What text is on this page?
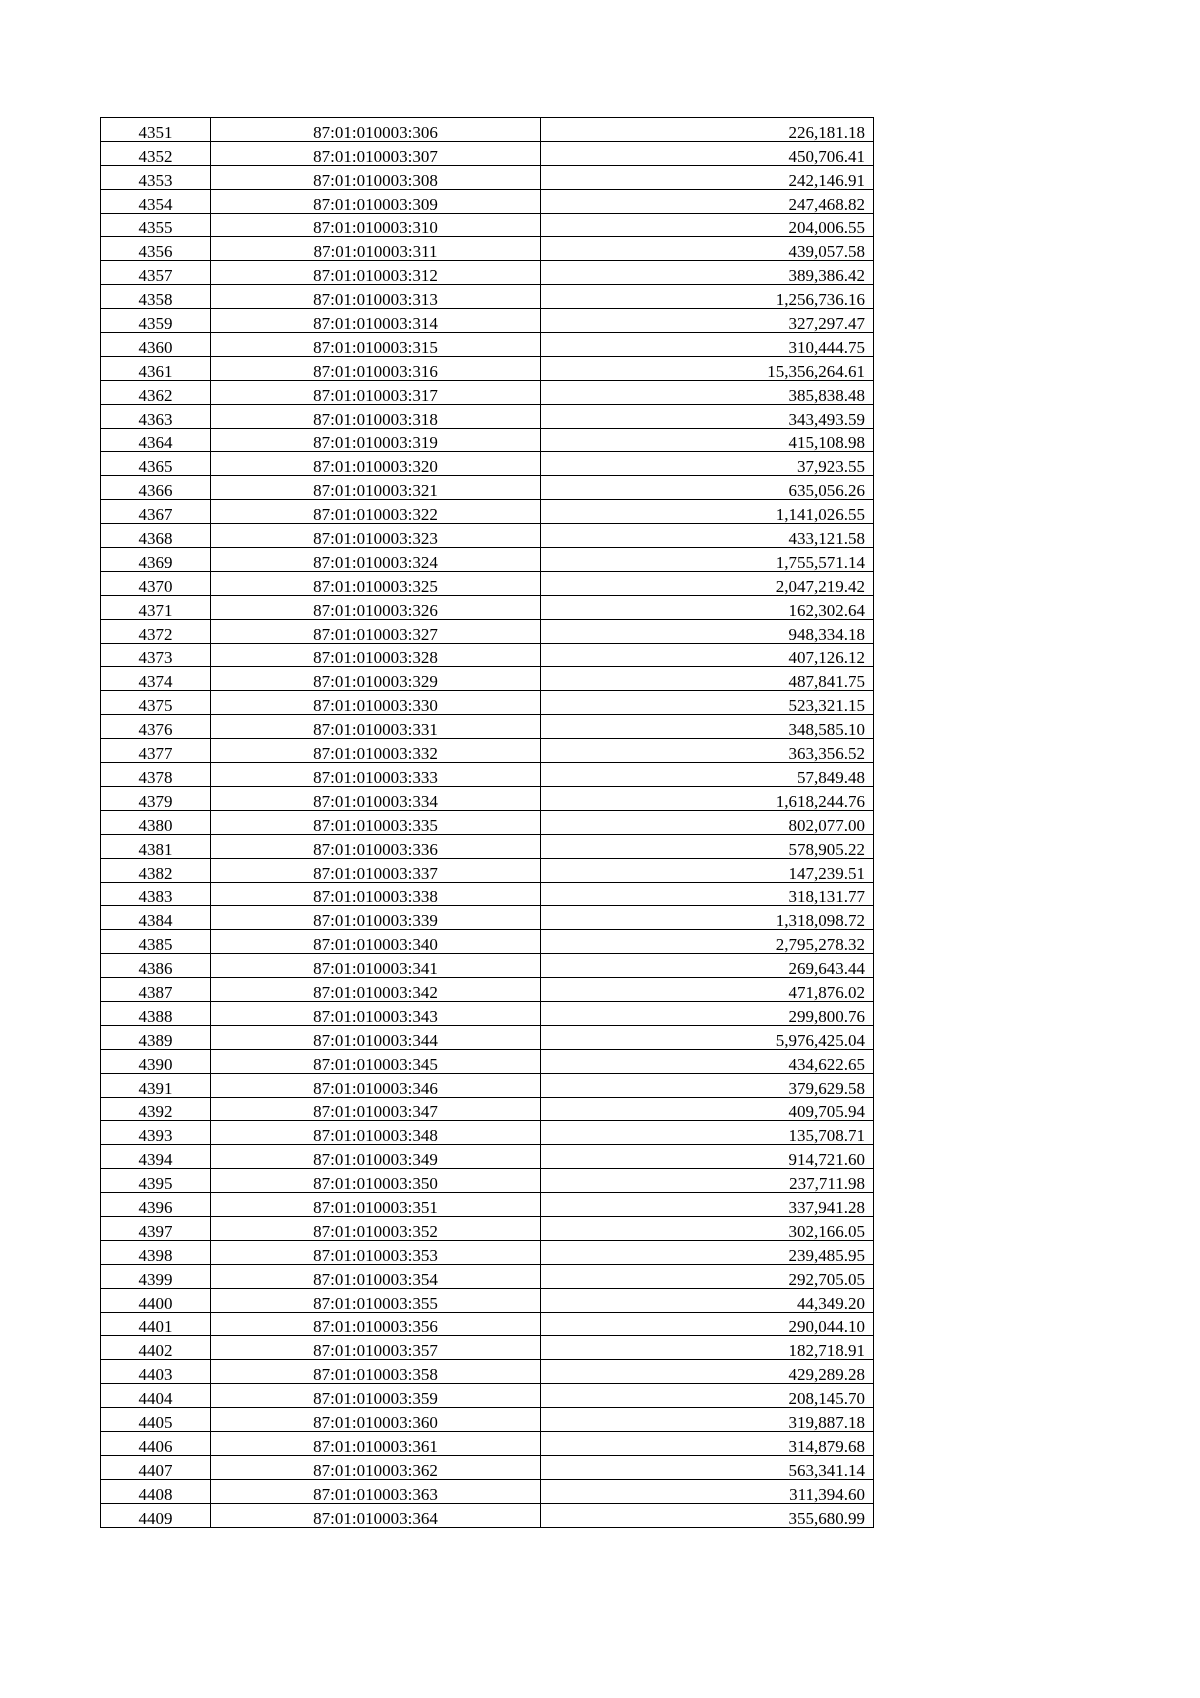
4351	87:01:010003:306	226,181.18
4352	87:01:010003:307	450,706.41
4353	87:01:010003:308	242,146.91
4354	87:01:010003:309	247,468.82
4355	87:01:010003:310	204,006.55
4356	87:01:010003:311	439,057.58
4357	87:01:010003:312	389,386.42
4358	87:01:010003:313	1,256,736.16
4359	87:01:010003:314	327,297.47
4360	87:01:010003:315	310,444.75
4361	87:01:010003:316	15,356,264.61
4362	87:01:010003:317	385,838.48
4363	87:01:010003:318	343,493.59
4364	87:01:010003:319	415,108.98
4365	87:01:010003:320	37,923.55
4366	87:01:010003:321	635,056.26
4367	87:01:010003:322	1,141,026.55
4368	87:01:010003:323	433,121.58
4369	87:01:010003:324	1,755,571.14
4370	87:01:010003:325	2,047,219.42
4371	87:01:010003:326	162,302.64
4372	87:01:010003:327	948,334.18
4373	87:01:010003:328	407,126.12
4374	87:01:010003:329	487,841.75
4375	87:01:010003:330	523,321.15
4376	87:01:010003:331	348,585.10
4377	87:01:010003:332	363,356.52
4378	87:01:010003:333	57,849.48
4379	87:01:010003:334	1,618,244.76
4380	87:01:010003:335	802,077.00
4381	87:01:010003:336	578,905.22
4382	87:01:010003:337	147,239.51
4383	87:01:010003:338	318,131.77
4384	87:01:010003:339	1,318,098.72
4385	87:01:010003:340	2,795,278.32
4386	87:01:010003:341	269,643.44
4387	87:01:010003:342	471,876.02
4388	87:01:010003:343	299,800.76
4389	87:01:010003:344	5,976,425.04
4390	87:01:010003:345	434,622.65
4391	87:01:010003:346	379,629.58
4392	87:01:010003:347	409,705.94
4393	87:01:010003:348	135,708.71
4394	87:01:010003:349	914,721.60
4395	87:01:010003:350	237,711.98
4396	87:01:010003:351	337,941.28
4397	87:01:010003:352	302,166.05
4398	87:01:010003:353	239,485.95
4399	87:01:010003:354	292,705.05
4400	87:01:010003:355	44,349.20
4401	87:01:010003:356	290,044.10
4402	87:01:010003:357	182,718.91
4403	87:01:010003:358	429,289.28
4404	87:01:010003:359	208,145.70
4405	87:01:010003:360	319,887.18
4406	87:01:010003:361	314,879.68
4407	87:01:010003:362	563,341.14
4408	87:01:010003:363	311,394.60
4409	87:01:010003:364	355,680.99
